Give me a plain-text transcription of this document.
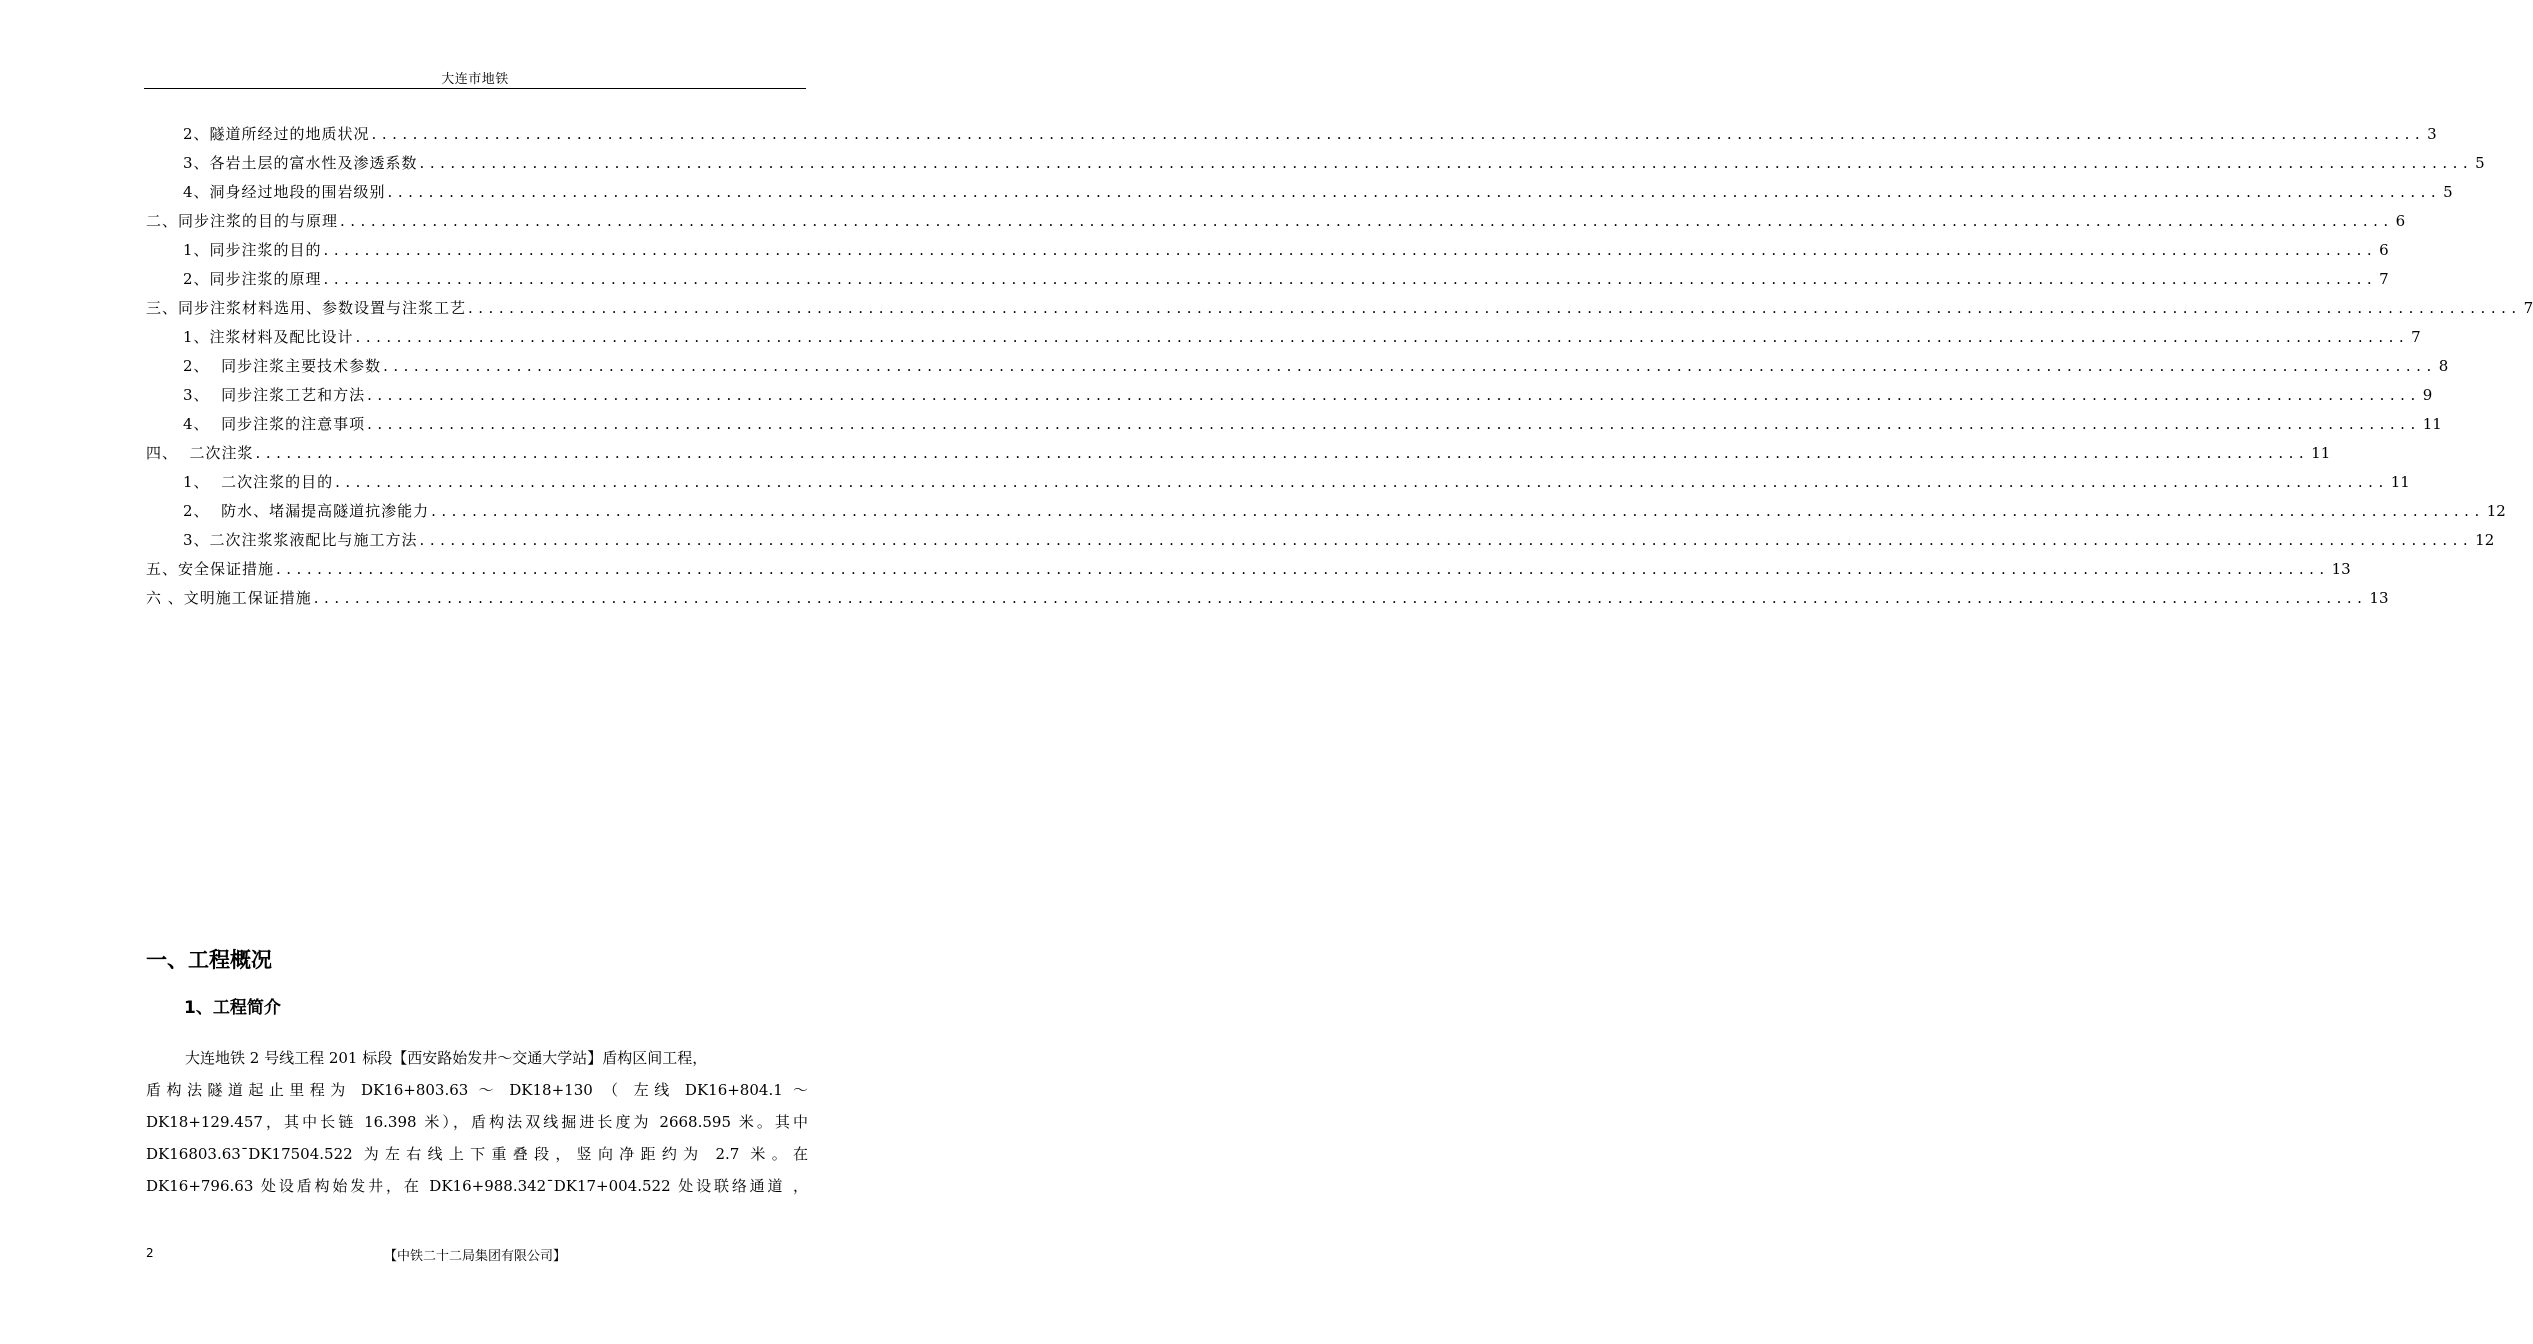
大连市地铁
2、隧道所经过的地质状况 ........................................................................................................................................................................................................ 3
3、各岩土层的富水性及渗透系数 ........................................................................................................................................................................................................ 5
4、洞身经过地段的围岩级别 ........................................................................................................................................................................................................ 5
二、同步注浆的目的与原理 ........................................................................................................................................................................................................ 6
1、同步注浆的目的 ........................................................................................................................................................................................................ 6
2、同步注浆的原理 ........................................................................................................................................................................................................ 7
三、同步注浆材料选用、参数设置与注浆工艺 ........................................................................................................................................................................................................ 7
1、注浆材料及配比设计 ........................................................................................................................................................................................................ 7
2、  同步注浆主要技术参数 ........................................................................................................................................................................................................ 8
3、  同步注浆工艺和方法 ........................................................................................................................................................................................................ 9
4、  同步注浆的注意事项 ........................................................................................................................................................................................................ 11
四、  二次注浆 ........................................................................................................................................................................................................ 11
1、  二次注浆的目的 ........................................................................................................................................................................................................ 11
2、  防水、堵漏提高隧道抗渗能力 ........................................................................................................................................................................................................ 12
3、二次注浆浆液配比与施工方法 ........................................................................................................................................................................................................ 12
五、安全保证措施 ........................................................................................................................................................................................................ 13
六 、文明施工保证措施 ........................................................................................................................................................................................................ 13
一、工程概况
1、工程简介
大连地铁 2 号线工程 201 标段【西安路始发井～交通大学站】盾构区间工程，
盾构法隧道起止里程为 DK16+803.63 ～ DK18+130 （ 左线 DK16+804.1 ～
DK18+129.457，其中长链 16.398 米），盾构法双线掘进长度为 2668.595 米。其中
DK16803.63ˉDK17504.522 为左右线上下重叠段，竖向净距约为 2.7 米。在
DK16+796.63 处设盾构始发井，在 DK16+988.342ˉDK17+004.522 处设联络通道 ，
2	【中铁二十二局集团有限公司】
